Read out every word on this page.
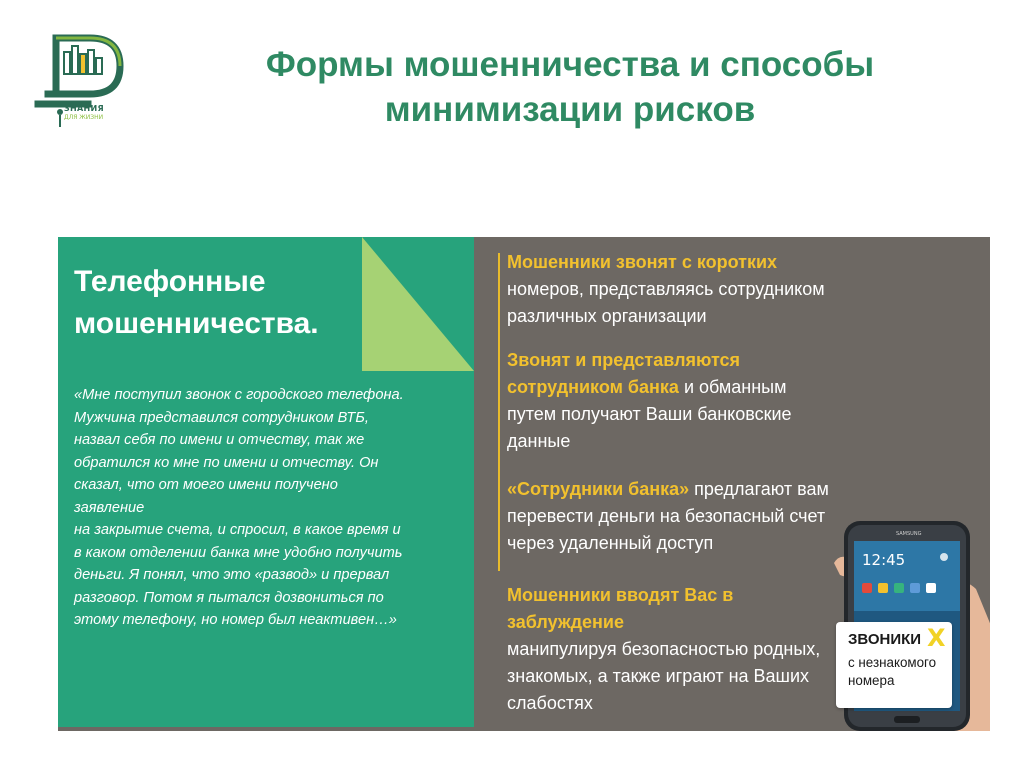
ЗНАНИЯ
ДЛЯ ЖИЗНИ
Формы мошенничества и способы
минимизации рисков
Телефонные
мошенничества.
«Мне поступил звонок с городского телефона.
Мужчина представился сотрудником ВТБ,
назвал себя по имени и отчеству, так же
обратился ко мне по имени и отчеству. Он
сказал, что от моего имени получено заявление
на закрытие счета, и спросил, в какое время и
в каком отделении банка мне удобно получить
деньги. Я понял, что это «развод» и прервал
разговор. Потом я пытался дозвониться по
этому телефону, но номер был неактивен…»
Мошенники звонят с коротких
номеров, представляясь сотрудником
различных организации
Звонят и представляются
сотрудником банка и обманным
путем получают Ваши банковские
данные
«Сотрудники банка» предлагают вам
перевести деньги на безопасный счет
через удаленный доступ
Мошенники вводят Вас в
заблуждение
манипулируя безопасностью родных,
знакомых, а также играют на Ваших
слабостях
SAMSUNG
12:45
ЗВОНИКИ X
с незнакомого
номера
